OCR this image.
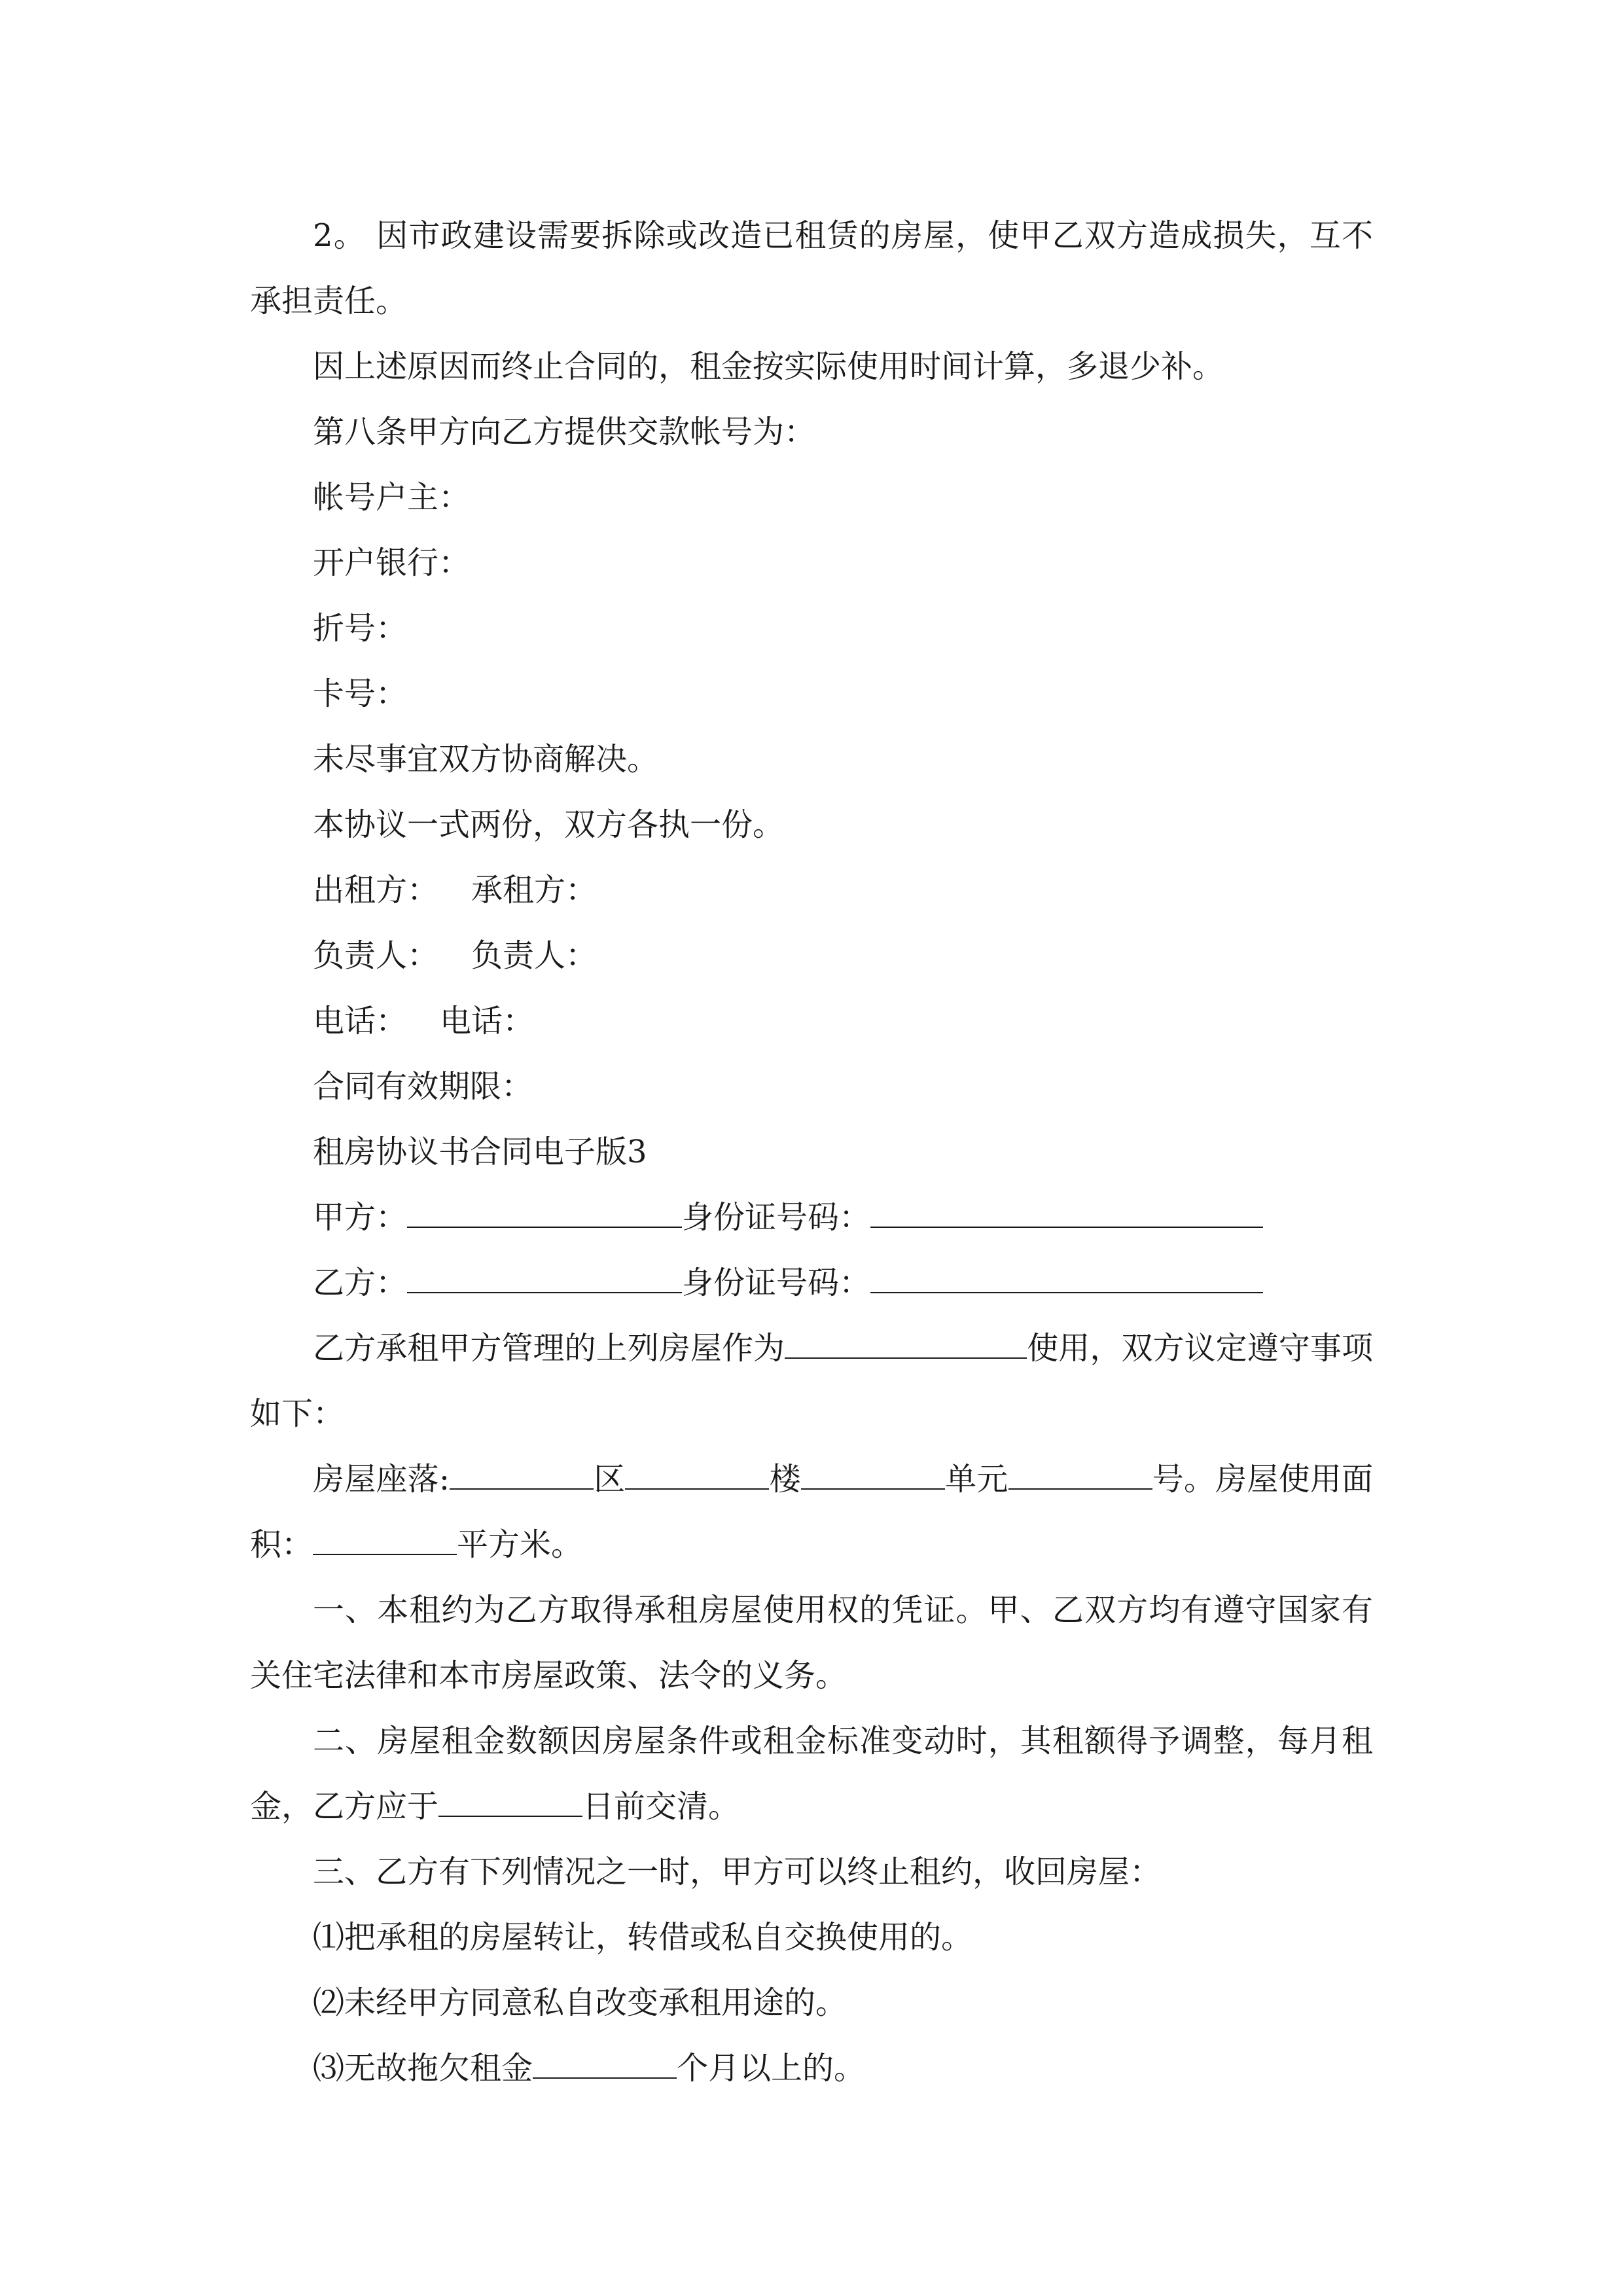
2。 因市政建设需要拆除或改造已租赁的房屋，使甲乙双方造成损失，互不承担责任。

因上述原因而终止合同的，租金按实际使用时间计算，多退少补。

第八条甲方向乙方提供交款帐号为：

帐号户主：

开户银行：

折号：

卡号：

未尽事宜双方协商解决。

本协议一式两份，双方各执一份。

出租方： 承租方：

负责人： 负责人：

电话： 电话：

合同有效期限：

租房协议书合同电子版3

甲方：	身份证号码：

乙方：	身份证号码：

乙方承租甲方管理的上列房屋作为	使用，双方议定遵守事项如下：

房屋座落:	区	楼	单元	号。房屋使用面积：	平方米。

一、本租约为乙方取得承租房屋使用权的凭证。甲、乙双方均有遵守国家有关住宅法律和本市房屋政策、法令的义务。

二、房屋租金数额因房屋条件或租金标准变动时，其租额得予调整，每月租金，乙方应于	日前交清。

三、乙方有下列情况之一时，甲方可以终止租约，收回房屋：

⑴把承租的房屋转让，转借或私自交换使用的。

⑵未经甲方同意私自改变承租用途的。

⑶无故拖欠租金	个月以上的。
